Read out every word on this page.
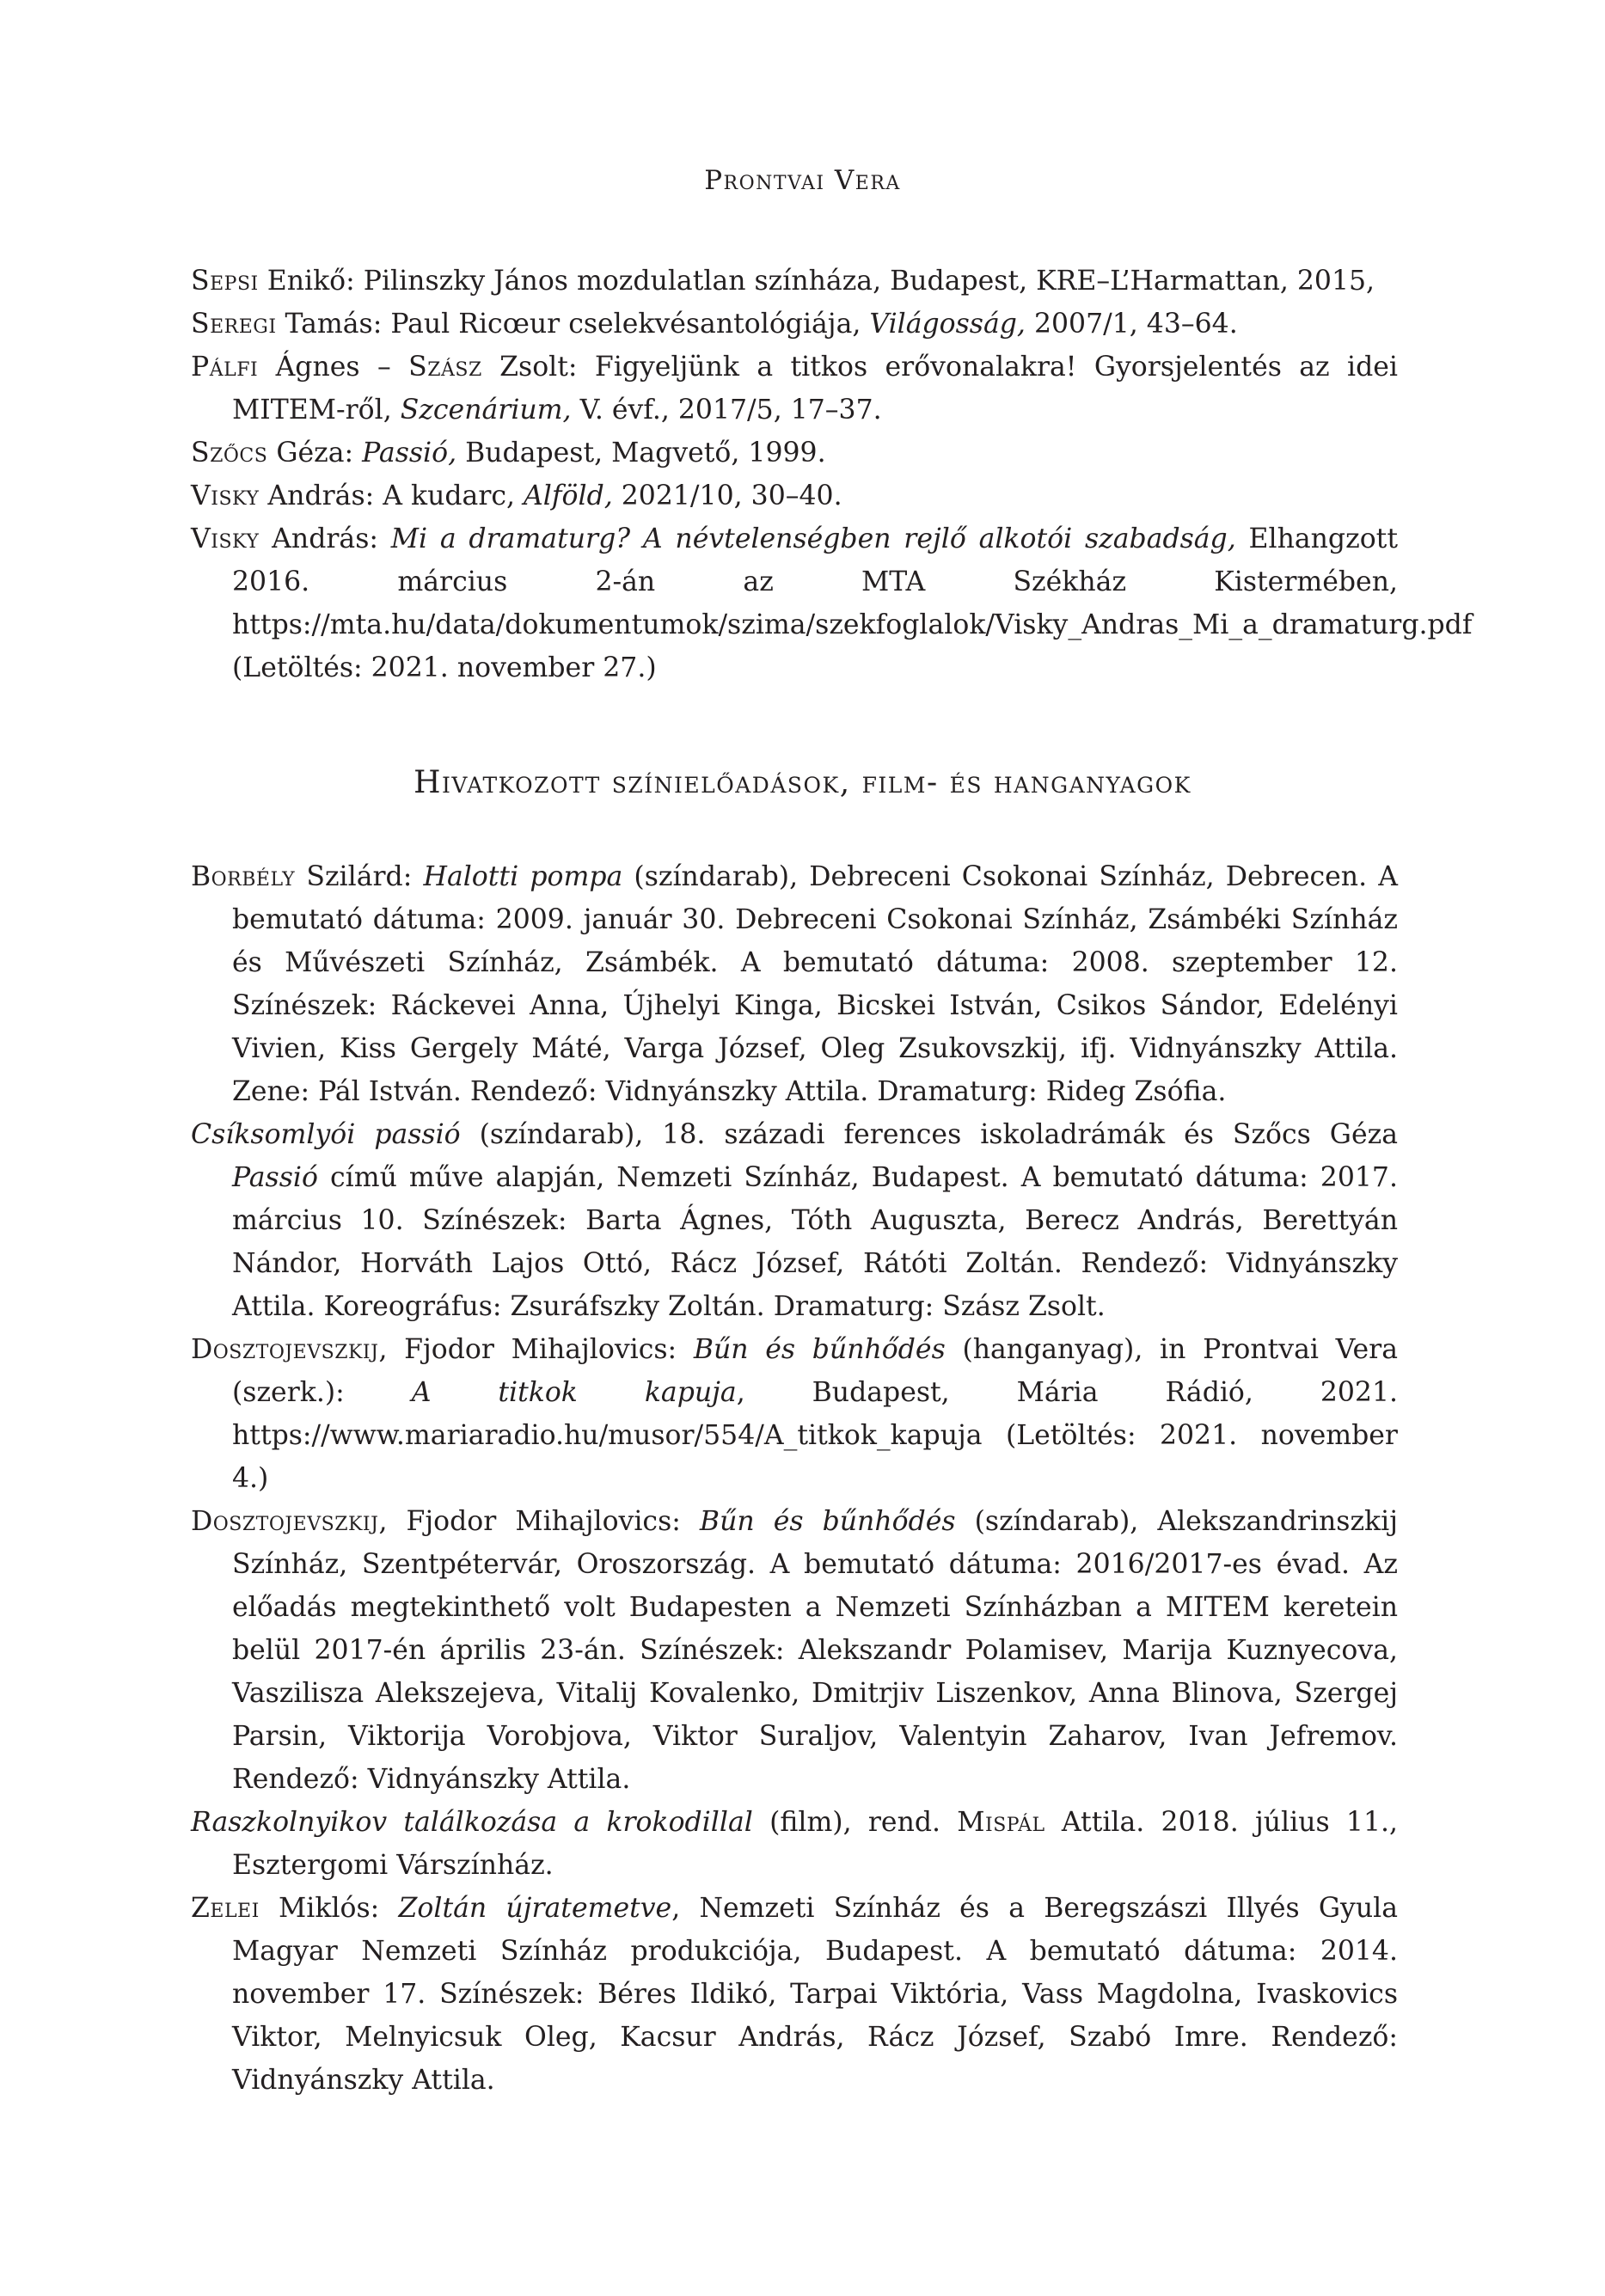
Prontvai Vera
Sepsi Enikő: Pilinszky János mozdulatlan színháza, Budapest, KRE–L’Harmattan, 2015,
Seregi Tamás: Paul Ricœur cselekvésantológiája, Világosság, 2007/1, 43–64.
Pálfi Ágnes – Szász Zsolt: Figyeljünk a titkos erővonalakra! Gyorsjelentés az idei MITEM-ről, Szcenárium, V. évf., 2017/5, 17–37.
Szőcs Géza: Passió, Budapest, Magvető, 1999.
Visky András: A kudarc, Alföld, 2021/10, 30–40.
Visky András: Mi a dramaturg? A névtelenségben rejlő alkotói szabadság, Elhangzott 2016. március 2-án az MTA Székház Kistermében, https://mta.hu/data/dokumentumok/szima/szekfoglalok/Visky_Andras_Mi_a_dramaturg.pdf (Letöltés: 2021. november 27.)
Hivatkozott színielőadások, film- és hanganyagok
Borbély Szilárd: Halotti pompa (színdarab), Debreceni Csokonai Színház, Debrecen. A bemutató dátuma: 2009. január 30. Debreceni Csokonai Színház, Zsámbéki Színház és Művészeti Színház, Zsámbék. A bemutató dátuma: 2008. szeptember 12. Színészek: Ráckevei Anna, Újhelyi Kinga, Bicskei István, Csikos Sándor, Edelényi Vivien, Kiss Gergely Máté, Varga József, Oleg Zsukovszkij, ifj. Vidnyánszky Attila. Zene: Pál István. Rendező: Vidnyánszky Attila. Dramaturg: Rideg Zsófia.
Csíksomlyói passió (színdarab), 18. századi ferences iskoladrámák és Szőcs Géza Passió című műve alapján, Nemzeti Színház, Budapest. A bemutató dátuma: 2017. március 10. Színészek: Barta Ágnes, Tóth Auguszta, Berecz András, Berettyán Nándor, Horváth Lajos Ottó, Rácz József, Rátóti Zoltán. Rendező: Vidnyánszky Attila. Koreográfus: Zsuráfszky Zoltán. Dramaturg: Szász Zsolt.
Dosztojevszkij, Fjodor Mihajlovics: Bűn és bűnhődés (hanganyag), in Prontvai Vera (szerk.): A titkok kapuja, Budapest, Mária Rádió, 2021. https://www.mariaradio.hu/musor/554/A_titkok_kapuja (Letöltés: 2021. november 4.)
Dosztojevszkij, Fjodor Mihajlovics: Bűn és bűnhődés (színdarab), Alekszandrinszkij Színház, Szentpétervár, Oroszország. A bemutató dátuma: 2016/2017-es évad. Az előadás megtekinthető volt Budapesten a Nemzeti Színházban a MITEM keretein belül 2017-én április 23-án. Színészek: Alekszandr Polamisev, Marija Kuznyecova, Vaszilisza Alekszejeva, Vitalij Kovalenko, Dmitrjiv Liszenkov, Anna Blinova, Szergej Parsin, Viktorija Vorobjova, Viktor Suraljov, Valentyin Zaharov, Ivan Jefremov. Rendező: Vidnyánszky Attila.
Raszkolnyikov találkozása a krokodillal (film), rend. Mispál Attila. 2018. július 11., Esztergomi Várszínház.
Zelei Miklós: Zoltán újratemetve, Nemzeti Színház és a Beregszászi Illyés Gyula Magyar Nemzeti Színház produkciója, Budapest. A bemutató dátuma: 2014. november 17. Színészek: Béres Ildikó, Tarpai Viktória, Vass Magdolna, Ivaskovics Viktor, Melnyicsuk Oleg, Kacsur András, Rácz József, Szabó Imre. Rendező: Vidnyánszky Attila.
